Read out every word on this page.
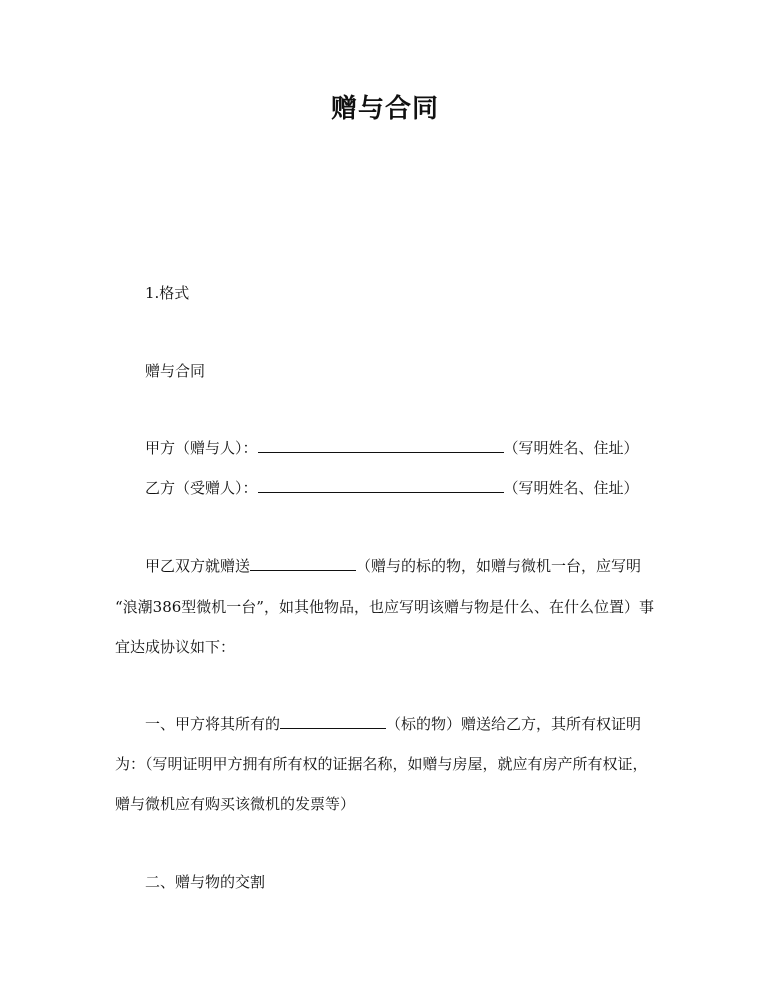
赠与合同
1.格式
赠与合同
甲方（赠与人）：	（写明姓名、住址）
乙方（受赠人）：	（写明姓名、住址）
甲乙双方就赠送	（赠与的标的物，如赠与微机一台，应写明
“浪潮386型微机一台”，如其他物品，也应写明该赠与物是什么、在什么位置）事
宜达成协议如下：
一、甲方将其所有的	（标的物）赠送给乙方，其所有权证明
为：（写明证明甲方拥有所有权的证据名称，如赠与房屋，就应有房产所有权证，
赠与微机应有购买该微机的发票等）
二、赠与物的交割
